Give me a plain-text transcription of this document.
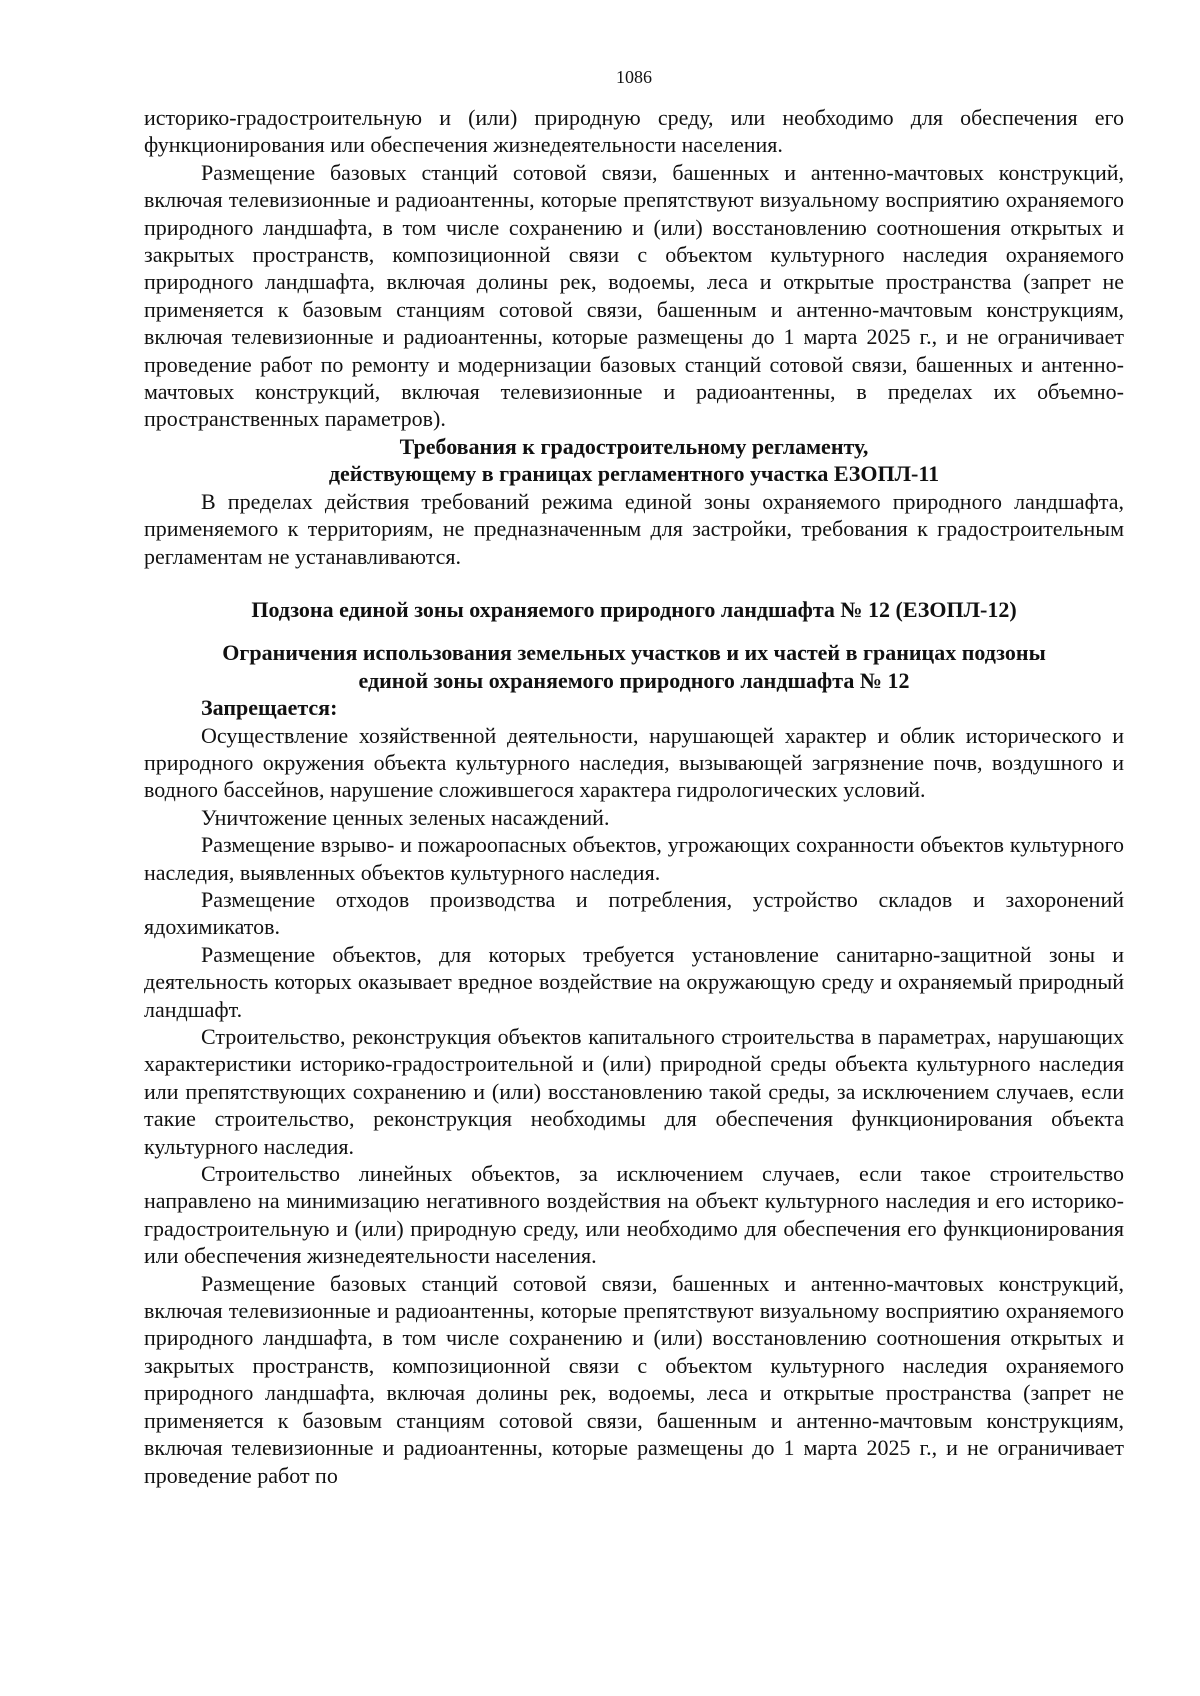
1086

историко-градостроительную и (или) природную среду, или необходимо для обеспечения его функционирования или обеспечения жизнедеятельности населения.

Размещение базовых станций сотовой связи, башенных и антенно-мачтовых конструкций, включая телевизионные и радиоантенны, которые препятствуют визуальному восприятию охраняемого природного ландшафта, в том числе сохранению и (или) восстановлению соотношения открытых и закрытых пространств, композиционной связи с объектом культурного наследия охраняемого природного ландшафта, включая долины рек, водоемы, леса и открытые пространства (запрет не применяется к базовым станциям сотовой связи, башенным и антенно-мачтовым конструкциям, включая телевизионные и радиоантенны, которые размещены до 1 марта 2025 г., и не ограничивает проведение работ по ремонту и модернизации базовых станций сотовой связи, башенных и антенно-мачтовых конструкций, включая телевизионные и радиоантенны, в пределах их объемно-пространственных параметров).

Требования к градостроительному регламенту,

действующему в границах регламентного участка ЕЗОПЛ-11

В пределах действия требований режима единой зоны охраняемого природного ландшафта, применяемого к территориям, не предназначенным для застройки, требования к градостроительным регламентам не устанавливаются.

Подзона единой зоны охраняемого природного ландшафта № 12 (ЕЗОПЛ-12)

Ограничения использования земельных участков и их частей в границах подзоны

единой зоны охраняемого природного ландшафта № 12

Запрещается:

Осуществление хозяйственной деятельности, нарушающей характер и облик исторического и природного окружения объекта культурного наследия, вызывающей загрязнение почв, воздушного и водного бассейнов, нарушение сложившегося характера гидрологических условий.

Уничтожение ценных зеленых насаждений.

Размещение взрыво- и пожароопасных объектов, угрожающих сохранности объектов культурного наследия, выявленных объектов культурного наследия.

Размещение отходов производства и потребления, устройство складов и захоронений ядохимикатов.

Размещение объектов, для которых требуется установление санитарно-защитной зоны и деятельность которых оказывает вредное воздействие на окружающую среду и охраняемый природный ландшафт.

Строительство, реконструкция объектов капитального строительства в параметрах, нарушающих характеристики историко-градостроительной и (или) природной среды объекта культурного наследия или препятствующих сохранению и (или) восстановлению такой среды, за исключением случаев, если такие строительство, реконструкция необходимы для обеспечения функционирования объекта культурного наследия.

Строительство линейных объектов, за исключением случаев, если такое строительство направлено на минимизацию негативного воздействия на объект культурного наследия и его историко-градостроительную и (или) природную среду, или необходимо для обеспечения его функционирования или обеспечения жизнедеятельности населения.

Размещение базовых станций сотовой связи, башенных и антенно-мачтовых конструкций, включая телевизионные и радиоантенны, которые препятствуют визуальному восприятию охраняемого природного ландшафта, в том числе сохранению и (или) восстановлению соотношения открытых и закрытых пространств, композиционной связи с объектом культурного наследия охраняемого природного ландшафта, включая долины рек, водоемы, леса и открытые пространства (запрет не применяется к базовым станциям сотовой связи, башенным и антенно-мачтовым конструкциям, включая телевизионные и радиоантенны, которые размещены до 1 марта 2025 г., и не ограничивает проведение работ по
